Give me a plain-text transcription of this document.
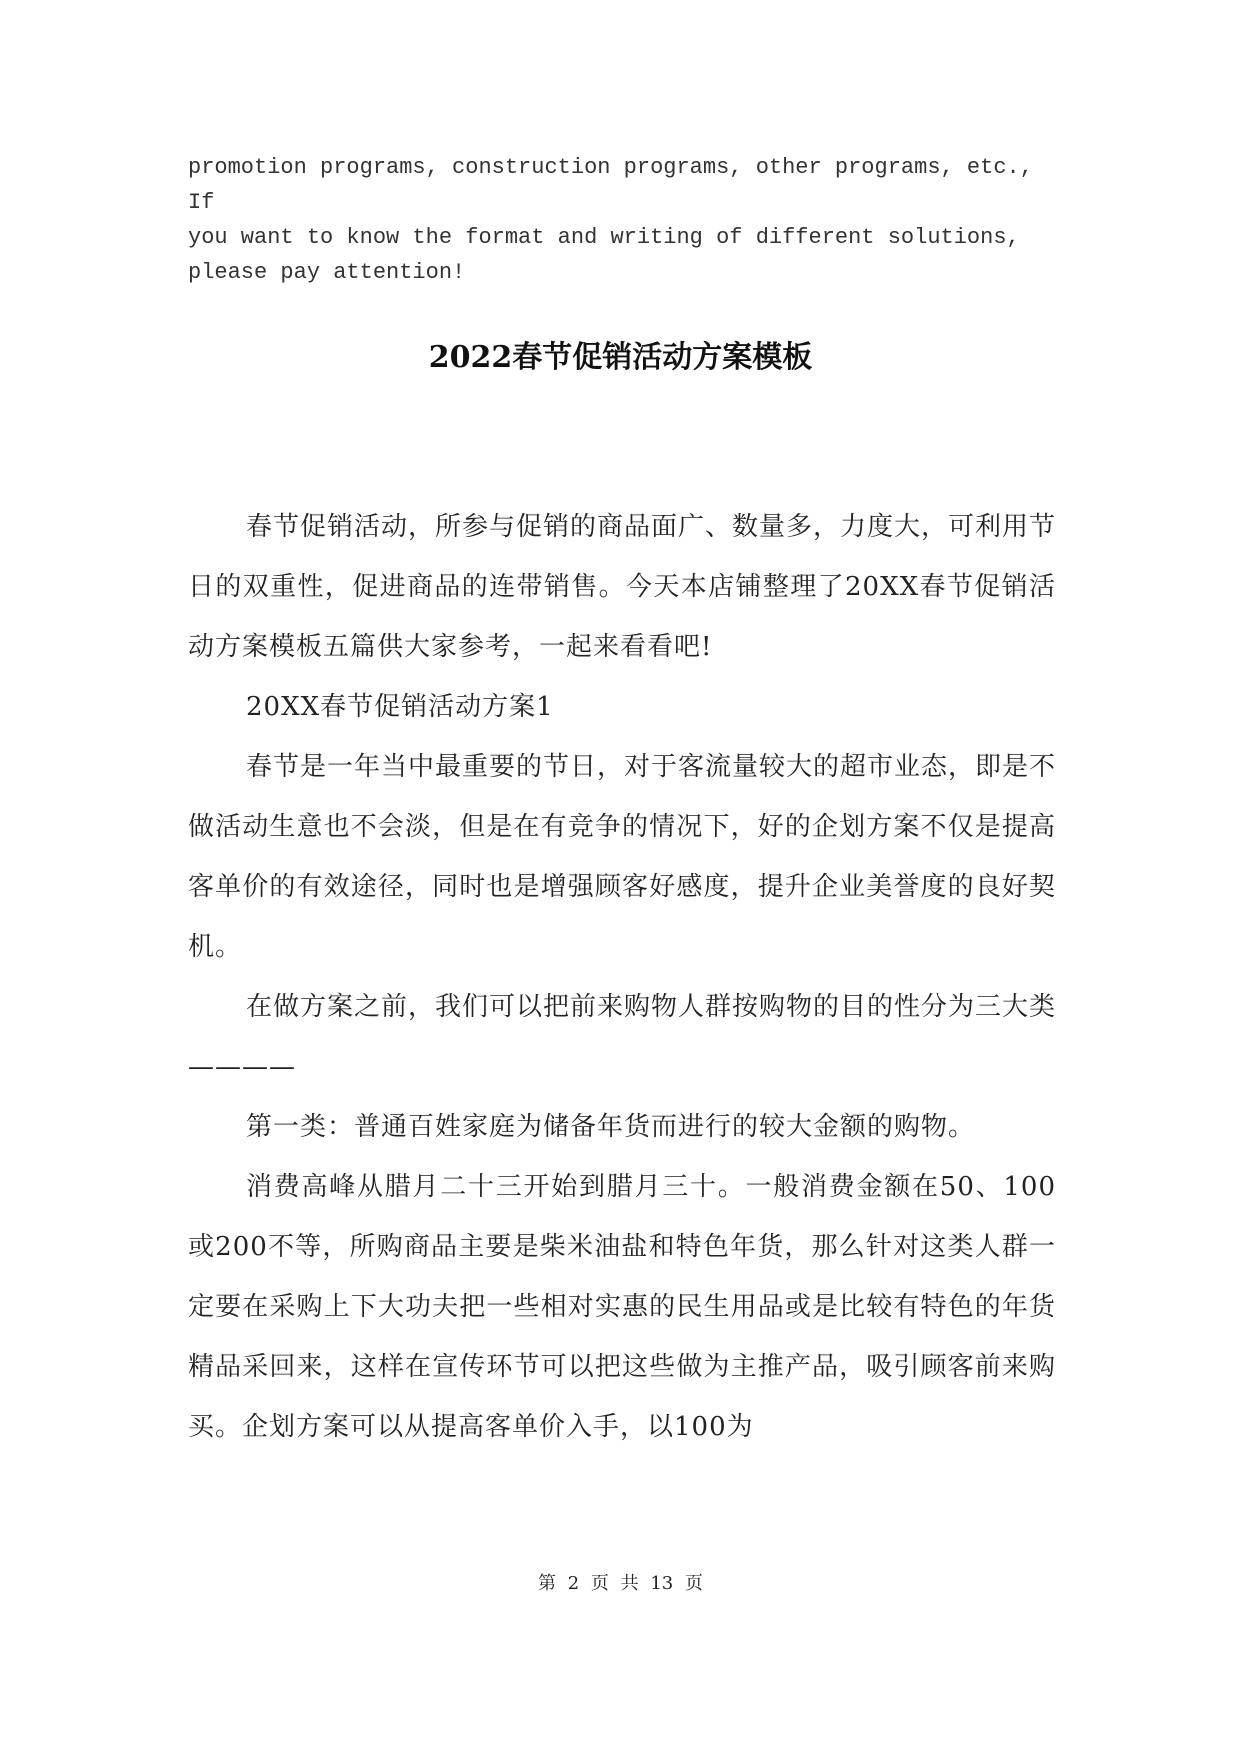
promotion programs, construction programs, other programs, etc., If
you want to know the format and writing of different solutions,
please pay attention!

2022春节促销活动方案模板

春节促销活动，所参与促销的商品面广、数量多，力度大，可利用节日的双重性，促进商品的连带销售。今天本店铺整理了20XX春节促销活动方案模板五篇供大家参考，一起来看看吧!

20XX春节促销活动方案1

春节是一年当中最重要的节日，对于客流量较大的超市业态，即是不做活动生意也不会淡，但是在有竞争的情况下，好的企划方案不仅是提高客单价的有效途径，同时也是增强顾客好感度，提升企业美誉度的良好契机。

在做方案之前，我们可以把前来购物人群按购物的目的性分为三大类————

第一类：普通百姓家庭为储备年货而进行的较大金额的购物。

消费高峰从腊月二十三开始到腊月三十。一般消费金额在50、100或200不等，所购商品主要是柴米油盐和特色年货，那么针对这类人群一定要在采购上下大功夫把一些相对实惠的民生用品或是比较有特色的年货精品采回来，这样在宣传环节可以把这些做为主推产品，吸引顾客前来购买。企划方案可以从提高客单价入手，以100为

第 2 页 共 13 页
